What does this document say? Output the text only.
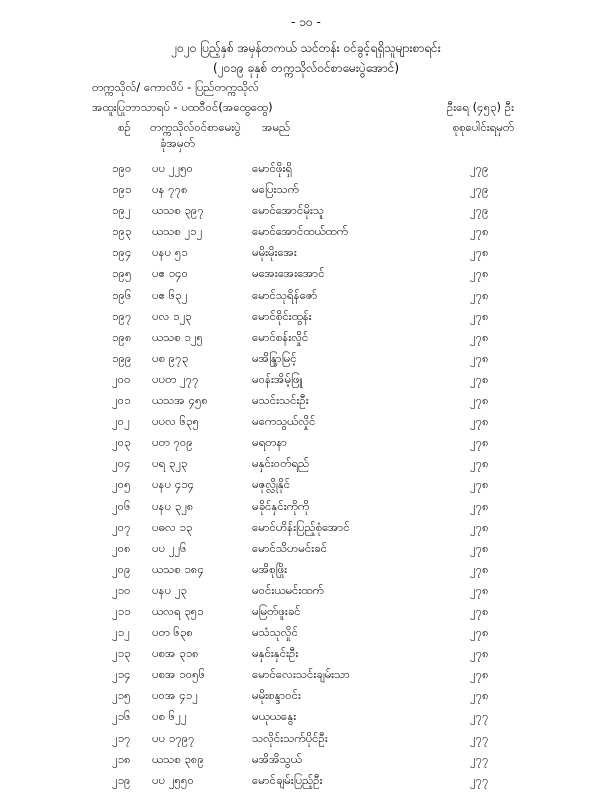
- ၁၀ -
၂၀၂၀ ပြည့်နှစ် အမှန်တကယ် သင်တန်း ဝင်ခွင့်ရရှိသူများစာရင်း
(၂၀၁၉ ခုနှစ် တက္ကသိုလ်ဝင်စာမေးပွဲအောင်)
တက္ကသိုလ်/ ကောလိပ် - ပြည်တက္ကသိုလ်
အထူးပြုဘာသာရပ် - ပထဝီဝင်(အထွေထွေ)	ဦးရေ (၄၅၃) ဦး
စဉ် တက္ကသိုလ်ဝင်စာမေးပွဲ
ခုံအမှတ်
အမည်	စုစုပေါင်းရမှတ်
၁၉၀ ပပ ၂၂၅၀	မောင်ဖိုးရှိ	၂၇၉
၁၉၁ ပန ၇၇၈	မပြေးသက်	၂၇၉
၁၉၂ ယသစ ၃၉၇	မောင်အောင်မိုးသူ	၂၇၉
၁၉၃ ယသစ ၂၁၂	မောင်အောင်ထယ်ထက်	၂၇၈
၁၉၄ ပနပ ၅၁	မမိုးမိုးအေး	၂၇၈
၁၉၅ ပဧ ၁၄၀	မအေးအေးအောင်	၂၇၈
၁၉၆ ပဧ ၆၃၂	မောင်သုရိန်ဇော်	၂၇၈
၁၉၇ ပလ ၁၂၃	မောင်စိုင်းထွန်း	၂၇၈
၁၉၈ ယသစ ၁၂၅	မောင်စန်းလှိုင်	၂၇၈
၁၉၉ ပစ ၉၇၃	မအိန္ဒြာမြင့်	၂၇၈
၂၀၀ ပပတ ၂၇၇	မဝန်းအိမ့်ဖြူ	၂၇၈
၂၀၁ ယသအ ၄၅၈	မသင်းသင်းဦး	၂၇၈
၂၀၂ ပပလ ၆၃၅	မကေသွယ်လှိုင်	၂၇၈
၂၀၃ ပတ ၇၀၉	မရတနာ	၂၇၈
၂၀၄ ပရ ၃၂၃	မနှင်းဝတ်ရည်	၂၇၈
၂၀၅ ပနပ ၄၁၄	မဇုလ္လိုနိုင်	၂၇၈
၂၀၆ ပနပ ၃၂၈	မခိုင်နှင်းကိုကို	၂၇၈
၂၀၇ ပဓလ ၁၃	မောင်ဟိန်းပြည့်စုံအောင်	၂၇၈
၂၀၈ ပပ ၂၂၆	မောင်သိဟမင်းခင်	၂၇၈
၂၀၉ ယသစ ၁၈၄	မအိစုဖြိုး	၂၇၈
၂၁၀ ပနပ ၂၃	မဝင်းယမင်းထက်	၂၇၈
၂၁၁ ယလရ ၃၅၁	မမြတ်ဖူးခင်	၂၇၈
၂၁၂ ပတ ၆၃၈	မသံသုလှိုင်	၂၇၈
၂၁၃ ပစအ ၃၁၈	မနှင်းနှင်းဦး	၂၇၈
၂၁၄ ပစအ ၁၀၅၆	မောင်လေးသင်းချမ်းသာ	၂၇၈
၂၁၅ ပဝအ ၄၁၂	မမိုးစန္ဒာဝင်း	၂၇၈
၂၁၆ ပစ ၆၂၂	မယုယနွေး	၂၇၇
၂၁၇ ပပ ၁၇၉၇	သလိုင်းသက်ပိုင်ဦး	၂၇၇
၂၁၈ ယသစ ၃၈၉	မအိအိသွယ်	၂၇၇
၂၁၉ ပပ ၂၅၅၀	မောင်ချမ်းပြည့်ဦး	၂၇၇
